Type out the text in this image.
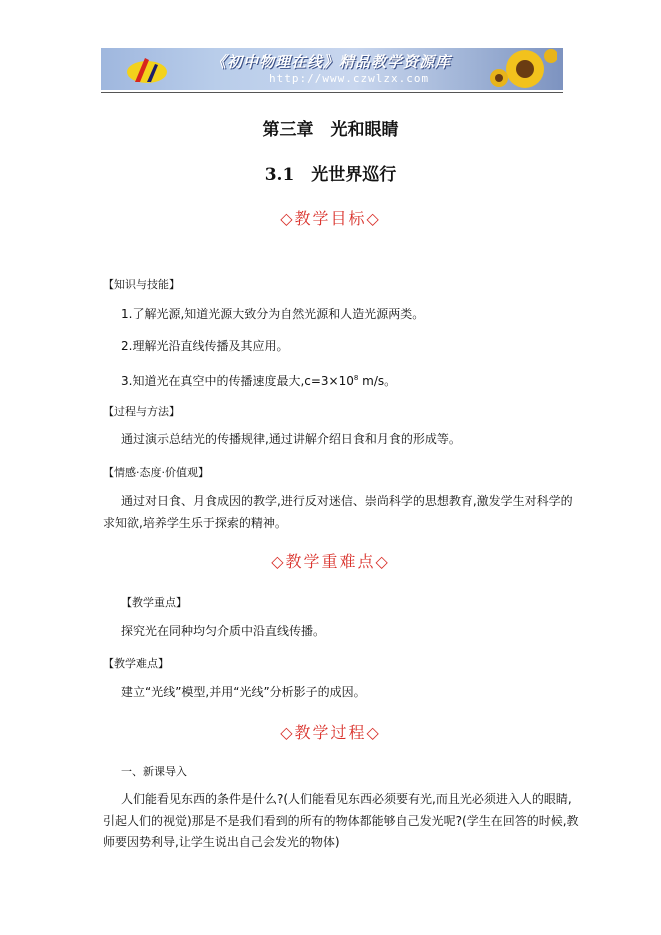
《初中物理在线》精品教学资源库
http://www.czwlzx.com
第三章　光和眼睛
3.1　光世界巡行
◇教学目标◇
【知识与技能】
1.了解光源,知道光源大致分为自然光源和人造光源两类。
2.理解光沿直线传播及其应用。
3.知道光在真空中的传播速度最大$,c=3\times 10^8$ m/s。
【过程与方法】
通过演示总结光的传播规律,通过讲解介绍日食和月食的形成等。
【情感·态度·价值观】
通过对日食、月食成因的教学,进行反对迷信、崇尚科学的思想教育,激发学生对科学的
求知欲,培养学生乐于探索的精神。
◇教学重难点◇
【教学重点】
探究光在同种均匀介质中沿直线传播。
【教学难点】
建立“光线”模型,并用“光线”分析影子的成因。
◇教学过程◇
一、新课导入
人们能看见东西的条件是什么?(人们能看见东西必须要有光,而且光必须进入人的眼睛,
引起人们的视觉)那是不是我们看到的所有的物体都能够自己发光呢?(学生在回答的时候,教
师要因势利导,让学生说出自己会发光的物体)
